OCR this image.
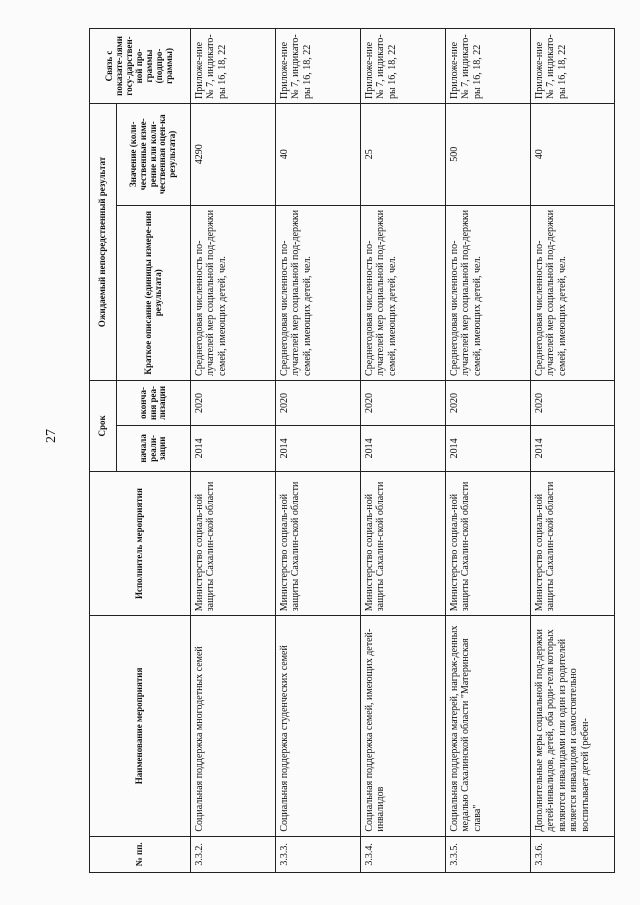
27
№ пп.	Наименование мероприятия	Исполнитель мероприятия	Срок		Ожидаемый непосредственный результат		Связь с показате-лями госу-дарствен-ной про-граммы (подпро-граммы)
			начала реали-зации	оконча-ния реа-лизации	Краткое описание (единицы измере-ния результата)	Значение (коли-чественные изме-рение или коли-чественная оцен-ка результата)	
3.3.2.	Социальная поддержка многодетных семей	Министерство социаль-ной защиты Сахалин-ской области	2014	2020	Среднегодовая численность по-лучателей мер социальной под-держки семей, имеющих детей, чел.	4290	Приложе-ние № 7, индикато-ры 16, 18, 22
3.3.3.	Социальная поддержка студенческих семей	Министерство социаль-ной защиты Сахалин-ской области	2014	2020	Среднегодовая численность по-лучателей мер социальной под-держки семей, имеющих детей, чел.	40	Приложе-ние № 7, индикато-ры 16, 18, 22
3.3.4.	Социальная поддержка семей, имеющих детей-инвалидов	Министерство социаль-ной защиты Сахалин-ской области	2014	2020	Среднегодовая численность по-лучателей мер социальной под-держки семей, имеющих детей, чел.	25	Приложе-ние № 7, индикато-ры 16, 18, 22
3.3.5.	Социальная поддержка матерей, награж-денных медалью Сахалинской области "Материнская слава"	Министерство социаль-ной защиты Сахалин-ской области	2014	2020	Среднегодовая численность по-лучателей мер социальной под-держки семей, имеющих детей, чел.	500	Приложе-ние № 7, индикато-ры 16, 18, 22
3.3.6.	Дополнительные меры социальной под-держки детей-инвалидов, детей, оба роди-теля которых являются инвалидами или один из родителей является инвалидом и самостоятельно воспитывает детей (ребен-	Министерство социаль-ной защиты Сахалин-ской области	2014	2020	Среднегодовая численность по-лучателей мер социальной под-держки семей, имеющих детей, чел.	40	Приложе-ние № 7, индикато-ры 16, 18, 22
